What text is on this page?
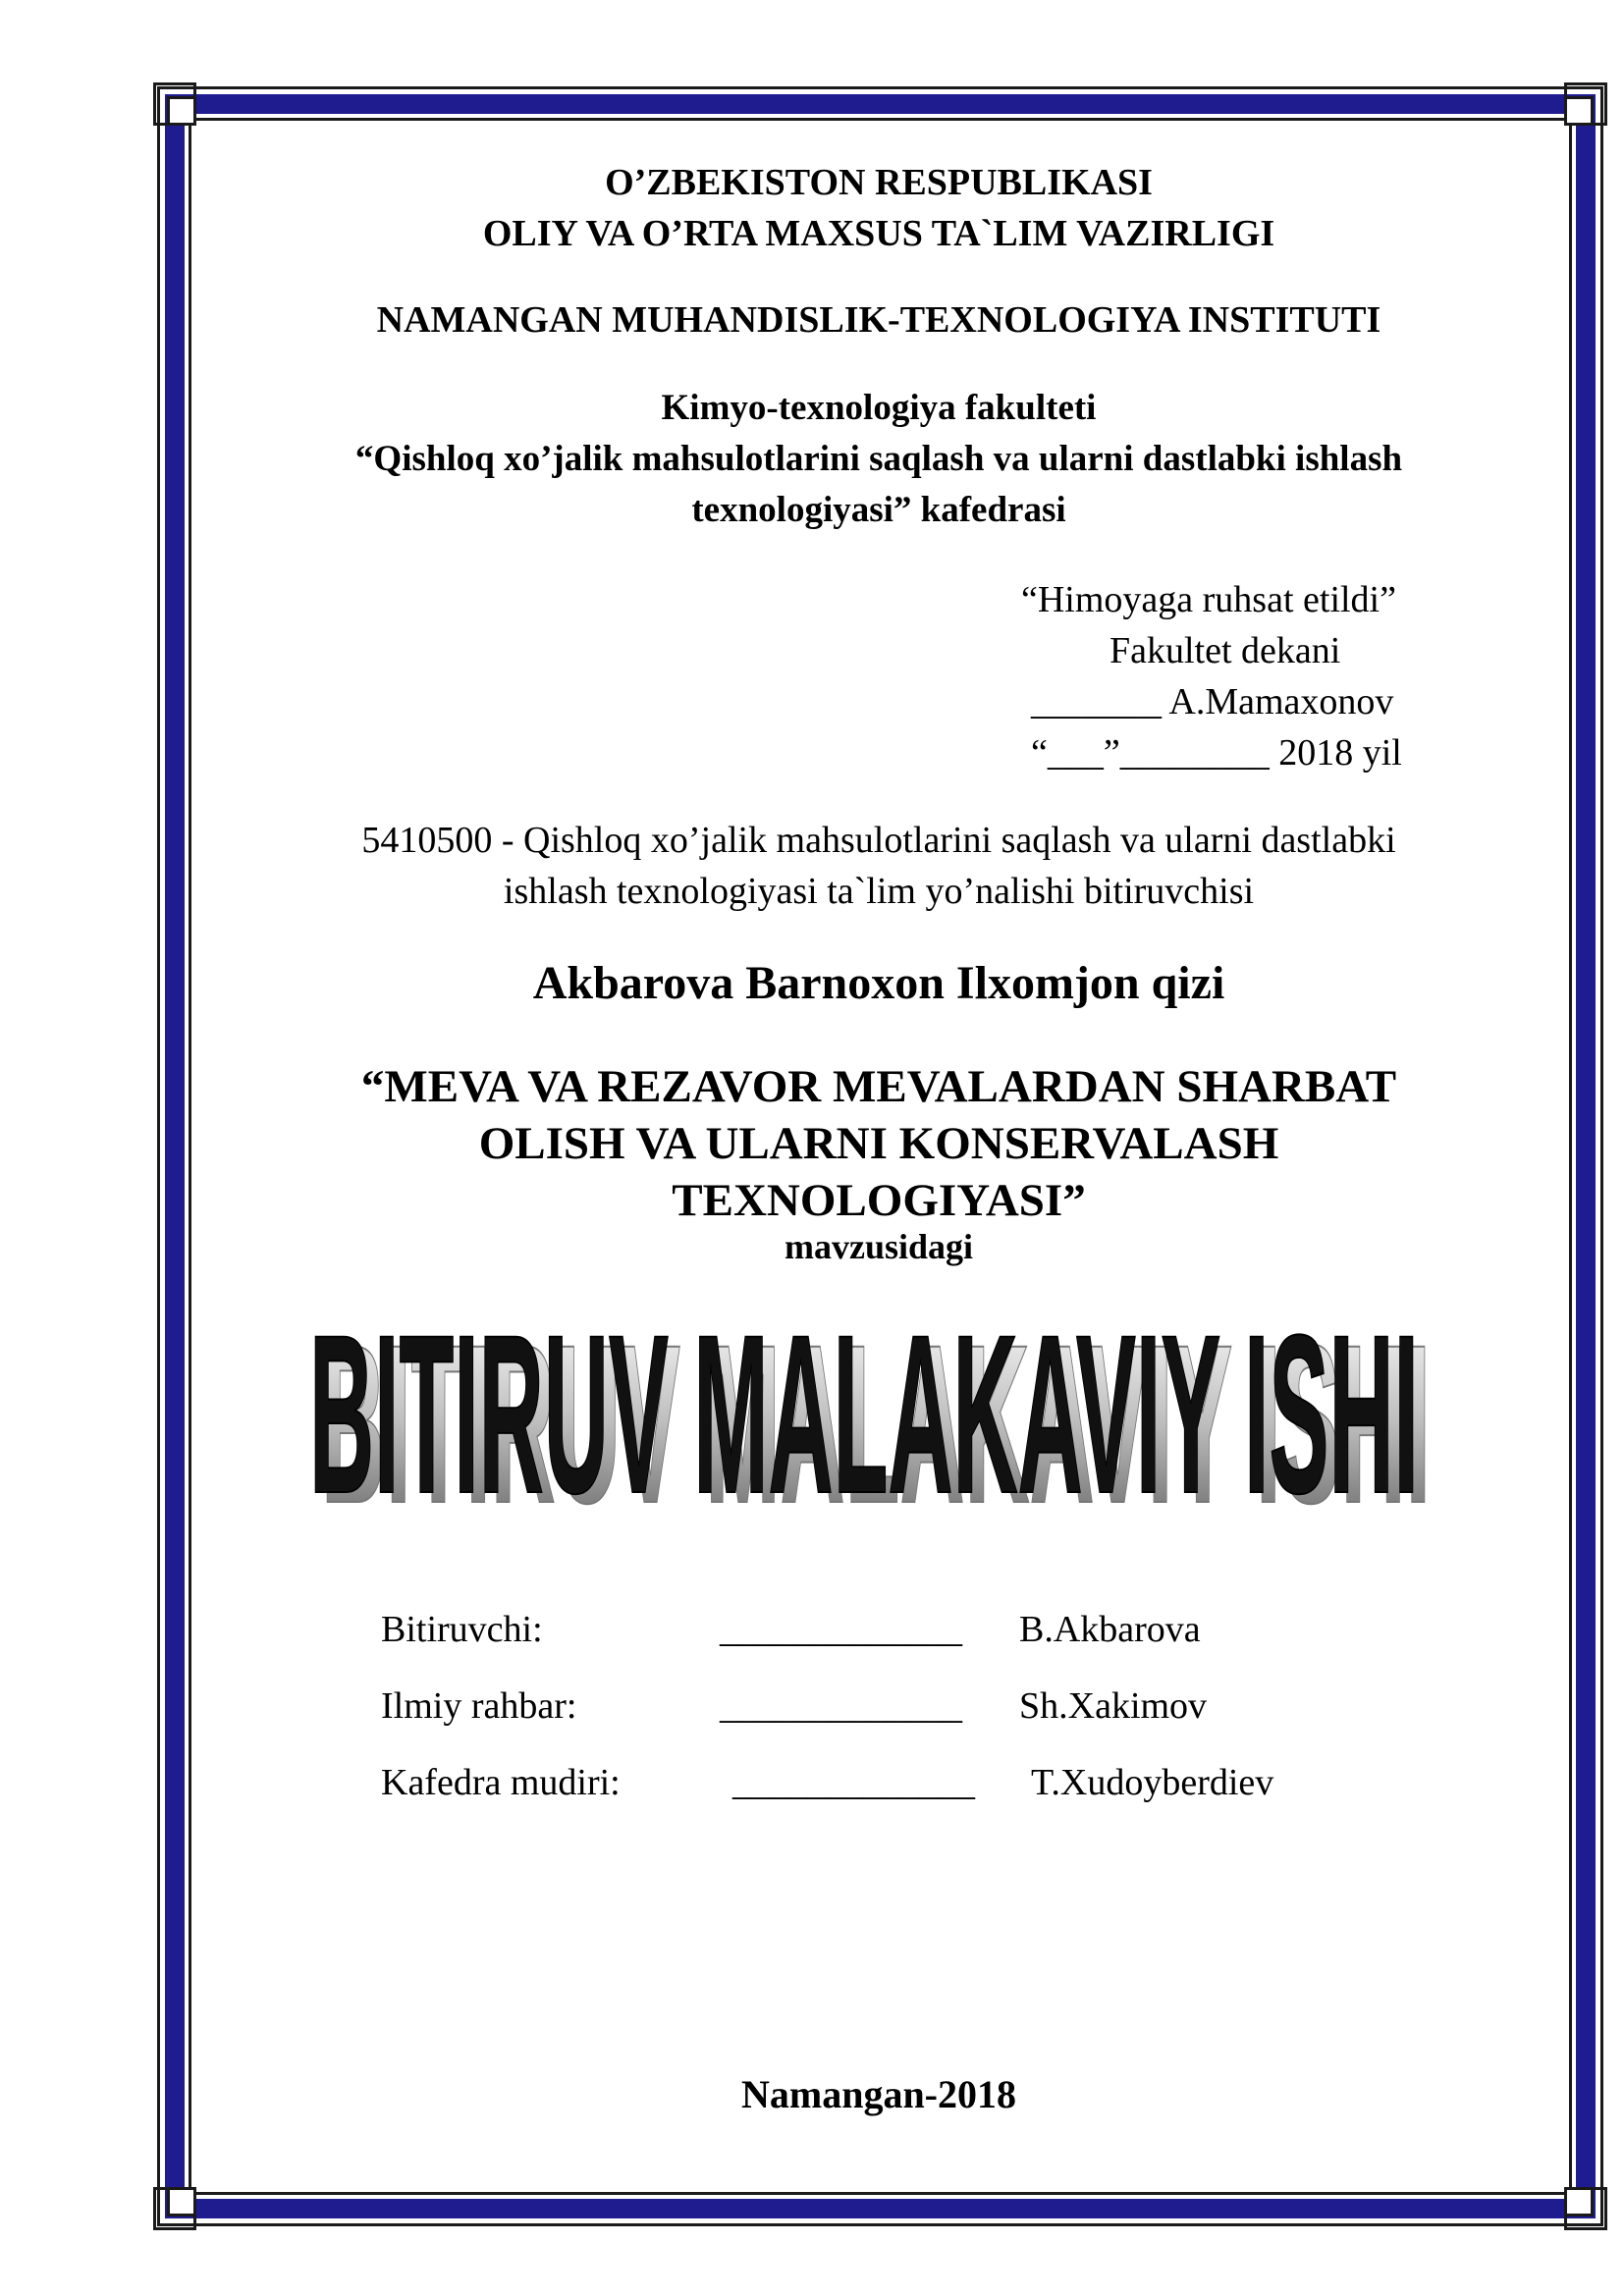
O’ZBEKISTON RESPUBLIKASI
OLIY VA O’RTA MAXSUS TA`LIM VAZIRLIGI
NAMANGAN MUHANDISLIK-TEXNOLOGIYA INSTITUTI
Kimyo-texnologiya fakulteti
“Qishloq xo’jalik mahsulotlarini saqlash va ularni dastlabki ishlash
texnologiyasi” kafedrasi
“Himoyaga ruhsat etildi”
Fakultet dekani
_______ A.Mamaxonov
“___”________ 2018 yil
5410500 - Qishloq xo’jalik mahsulotlarini saqlash va ularni dastlabki
ishlash texnologiyasi ta`lim yo’nalishi bitiruvchisi
Akbarova Barnoxon Ilxomjon qizi
“MEVA VA REZAVOR MEVALARDAN SHARBAT
OLISH VA ULARNI KONSERVALASH
TEXNOLOGIYASI”
mavzusidagi
BITIRUV MALAKAVIY ISHI
BITIRUV MALAKAVIY ISHI
Bitiruvchi:	_____________ B.Akbarova
Ilmiy rahbar:	_____________ Sh.Xakimov
Kafedra mudiri:	_____________ T.Xudoyberdiev
Namangan-2018
